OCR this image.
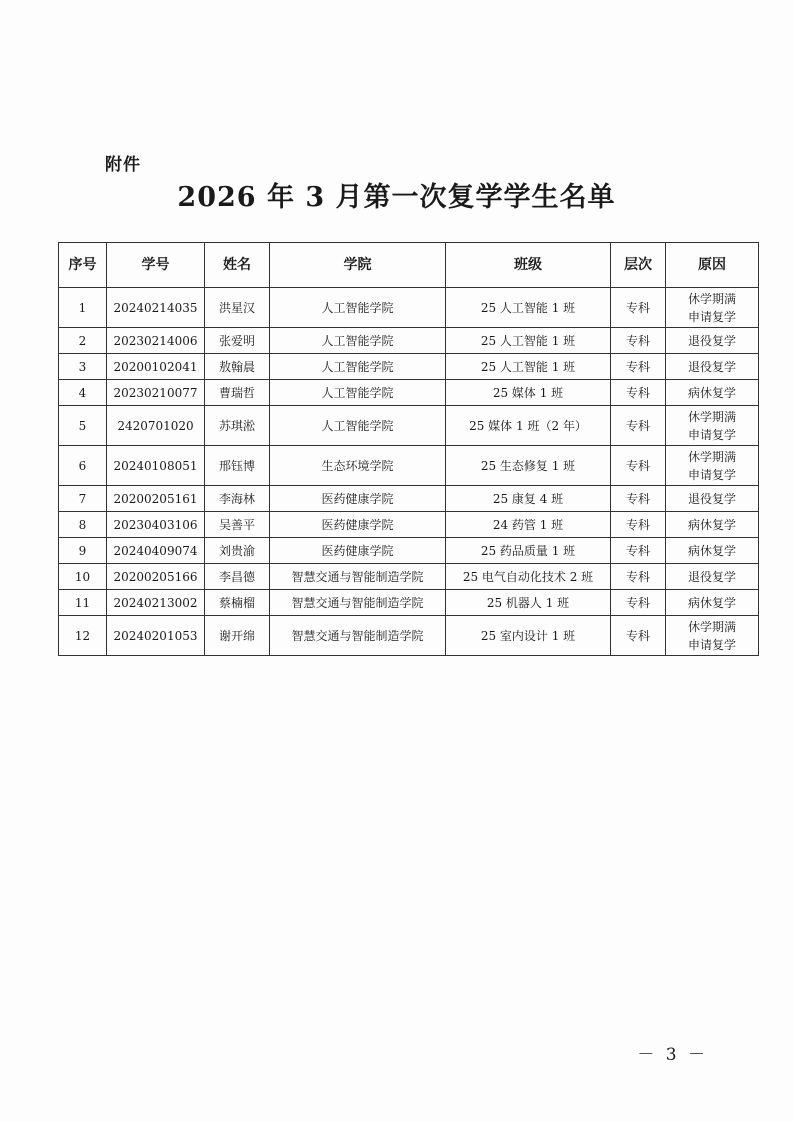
附件
2026 年 3 月第一次复学学生名单
序号	学号	姓名	学院	班级	层次	原因
1	20240214035	洪星汉	人工智能学院	25 人工智能 1 班	专科	休学期满
申请复学

2	20230214006	张爱明	人工智能学院	25 人工智能 1 班	专科	退役复学

3	20200102041	敖翰晨	人工智能学院	25 人工智能 1 班	专科	退役复学

4	20230210077	曹瑞哲	人工智能学院	25 媒体 1 班	专科	病休复学

5	2420701020	苏琪淞	人工智能学院	25 媒体 1 班（2 年）	专科	休学期满
申请复学

6	20240108051	邢钰博	生态环境学院	25 生态修复 1 班	专科	休学期满
申请复学

7	20200205161	李海林	医药健康学院	25 康复 4 班	专科	退役复学

8	20230403106	吴善平	医药健康学院	24 药管 1 班	专科	病休复学

9	20240409074	刘贵渝	医药健康学院	25 药品质量 1 班	专科	病休复学

10	20200205166	李昌德	智慧交通与智能制造学院	25 电气自动化技术 2 班	专科	退役复学

11	20240213002	蔡楠榴	智慧交通与智能制造学院	25 机器人 1 班	专科	病休复学

12	20240201053	谢开绵	智慧交通与智能制造学院	25 室内设计 1 班	专科	休学期满
申请复学
－ 3 －
